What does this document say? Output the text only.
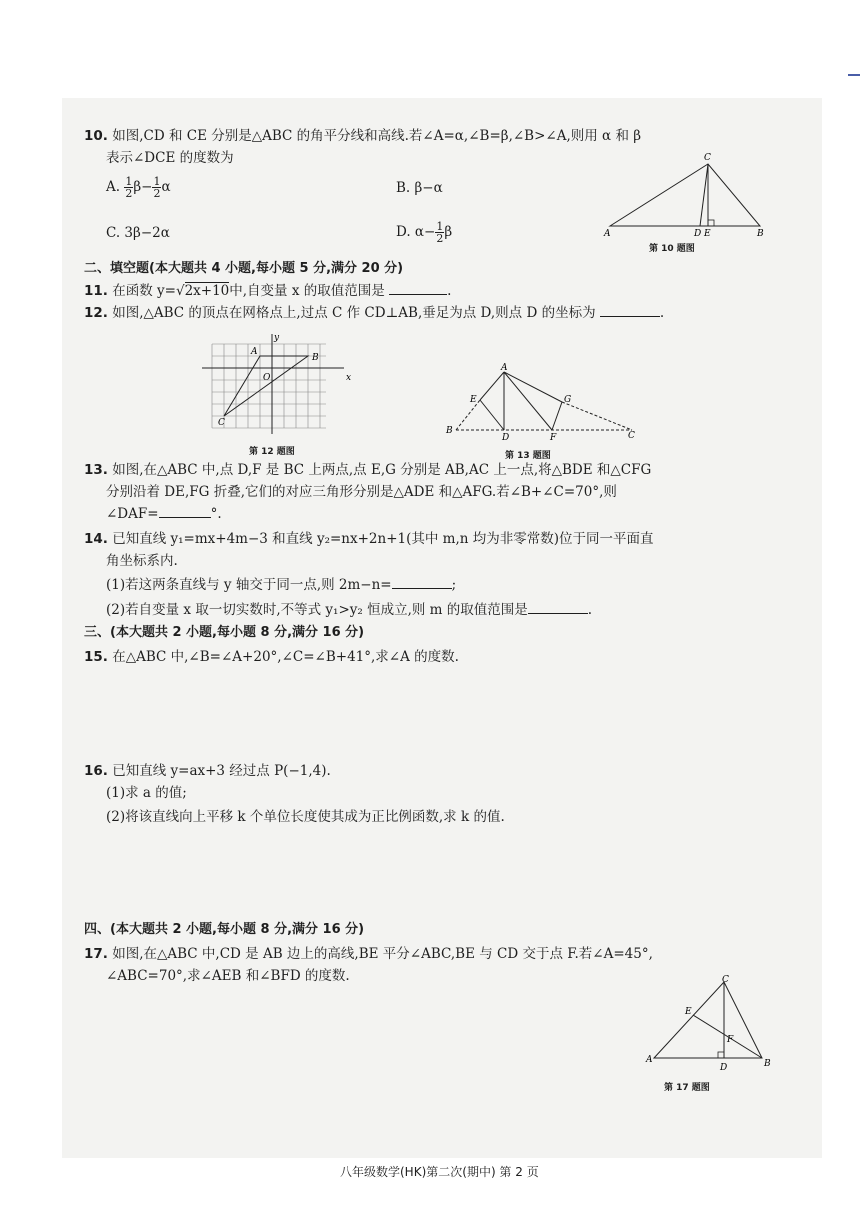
10. 如图,CD 和 CE 分别是△ABC 的角平分线和高线.若∠A=α,∠B=β,∠B>∠A,则用 α 和 β
表示∠DCE 的度数为
A. $\frac{1}{2} \beta- \frac{1}{2}$ α	B. β−α
C. 3β−2α	D. $\alpha- \frac{1}{2}$ β
C
A	D E	B
第 10 题图
二、填空题(本大题共 4 小题,每小题 5 分,满分 20 分)
11. 在函数 y=√2x+10中,自变量 x 的取值范围是	.
12. 如图,△ABC 的顶点在网格点上,过点 C 作 CD⊥AB,垂足为点 D,则点 D 的坐标为	.
y
x
O
A
B
C
第 12 题图
A
E	G
B
D	F	C
第 13 题图
13. 如图,在△ABC 中,点 D,F 是 BC 上两点,点 E,G 分别是 AB,AC 上一点,将△BDE 和△CFG
分别沿着 DE,FG 折叠,它们的对应三角形分别是△ADE 和△AFG.若∠B+∠C=70°,则
∠DAF=	°.
14. 已知直线 y₁=mx+4m−3 和直线 y₂=nx+2n+1(其中 m,n 均为非零常数)位于同一平面直
角坐标系内.
(1)若这两条直线与 y 轴交于同一点,则 2m−n=	;
(2)若自变量 x 取一切实数时,不等式 y₁>y₂ 恒成立,则 m 的取值范围是	.
三、(本大题共 2 小题,每小题 8 分,满分 16 分)
15. 在△ABC 中,∠B=∠A+20°,∠C=∠B+41°,求∠A 的度数.
16. 已知直线 y=ax+3 经过点 P(−1,4).
(1)求 a 的值;
(2)将该直线向上平移 k 个单位长度使其成为正比例函数,求 k 的值.
四、(本大题共 2 小题,每小题 8 分,满分 16 分)
17. 如图,在△ABC 中,CD 是 AB 边上的高线,BE 平分∠ABC,BE 与 CD 交于点 F.若∠A=45°,
∠ABC=70°,求∠AEB 和∠BFD 的度数.	C
E
F
A
D	B
第 17 题图
八年级数学(HK)第二次(期中) 第 2 页
